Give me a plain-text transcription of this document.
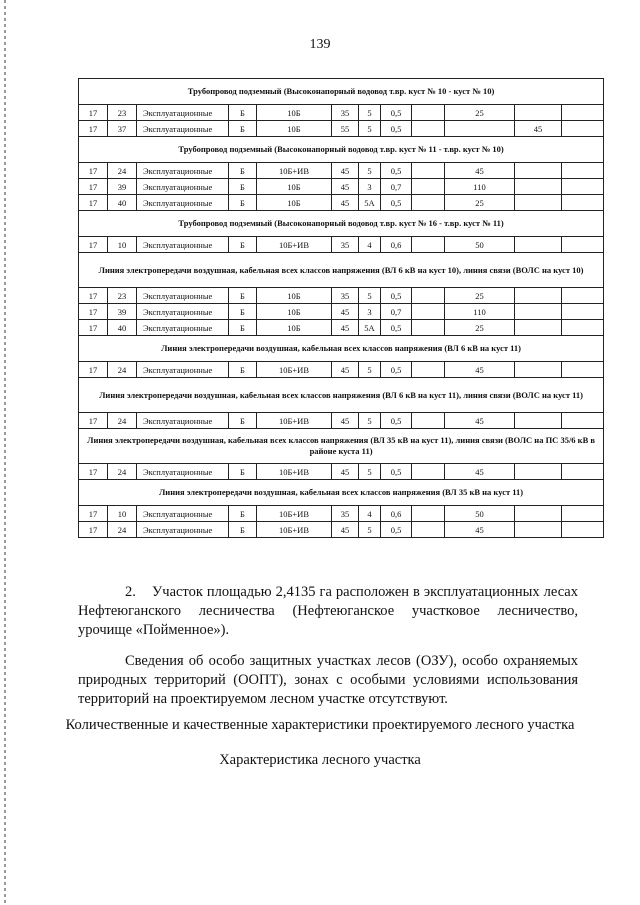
139
Трубопровод подземный (Высоконапорный водовод т.вр. куст № 10 - куст № 10)											
17	23	Эксплуатационные	Б	10Б	35	5	0,5		25		
17	37	Эксплуатационные	Б	10Б	55	5	0,5			45	
Трубопровод подземный (Высоконапорный водовод т.вр. куст № 11 - т.вр. куст № 10)											
17	24	Эксплуатационные	Б	10Б+ИВ	45	5	0,5		45		
17	39	Эксплуатационные	Б	10Б	45	3	0,7		110		
17	40	Эксплуатационные	Б	10Б	45	5А	0,5		25		
Трубопровод подземный (Высоконапорный водовод т.вр. куст № 16 - т.вр. куст № 11)											
17	10	Эксплуатационные	Б	10Б+ИВ	35	4	0,6		50		
Линия электропередачи воздушная, кабельная всех классов напряжения (ВЛ 6 кВ на куст 10), линия связи (ВОЛС на куст 10)											
17	23	Эксплуатационные	Б	10Б	35	5	0,5		25		
17	39	Эксплуатационные	Б	10Б	45	3	0,7		110		
17	40	Эксплуатационные	Б	10Б	45	5А	0,5		25		
Линия электропередачи воздушная, кабельная всех классов напряжения (ВЛ 6 кВ на куст 11)											
17	24	Эксплуатационные	Б	10Б+ИВ	45	5	0,5		45		
Линия электропередачи воздушная, кабельная всех классов напряжения (ВЛ 6 кВ на куст 11), линия связи (ВОЛС на куст 11)											
17	24	Эксплуатационные	Б	10Б+ИВ	45	5	0,5		45		
Линия электропередачи воздушная, кабельная всех классов напряжения (ВЛ 35 кВ на куст 11), линия связи (ВОЛС на ПС 35/6 кВ в районе куста 11)											
17	24	Эксплуатационные	Б	10Б+ИВ	45	5	0,5		45		
Линия электропередачи воздушная, кабельная всех классов напряжения (ВЛ 35 кВ на куст 11)											
17	10	Эксплуатационные	Б	10Б+ИВ	35	4	0,6		50		
17	24	Эксплуатационные	Б	10Б+ИВ	45	5	0,5		45		
2.    Участок площадью 2,4135 га расположен в эксплуатационных лесах Нефтеюганского лесничества (Нефтеюганское участковое лесничество, урочище «Пойменное»).
Сведения об особо защитных участках лесов (ОЗУ), особо охраняемых природных территорий (ООПТ), зонах с особыми условиями использования территорий на проектируемом лесном участке отсутствуют.
Количественные и качественные характеристики проектируемого лесного участка
Характеристика лесного участка
